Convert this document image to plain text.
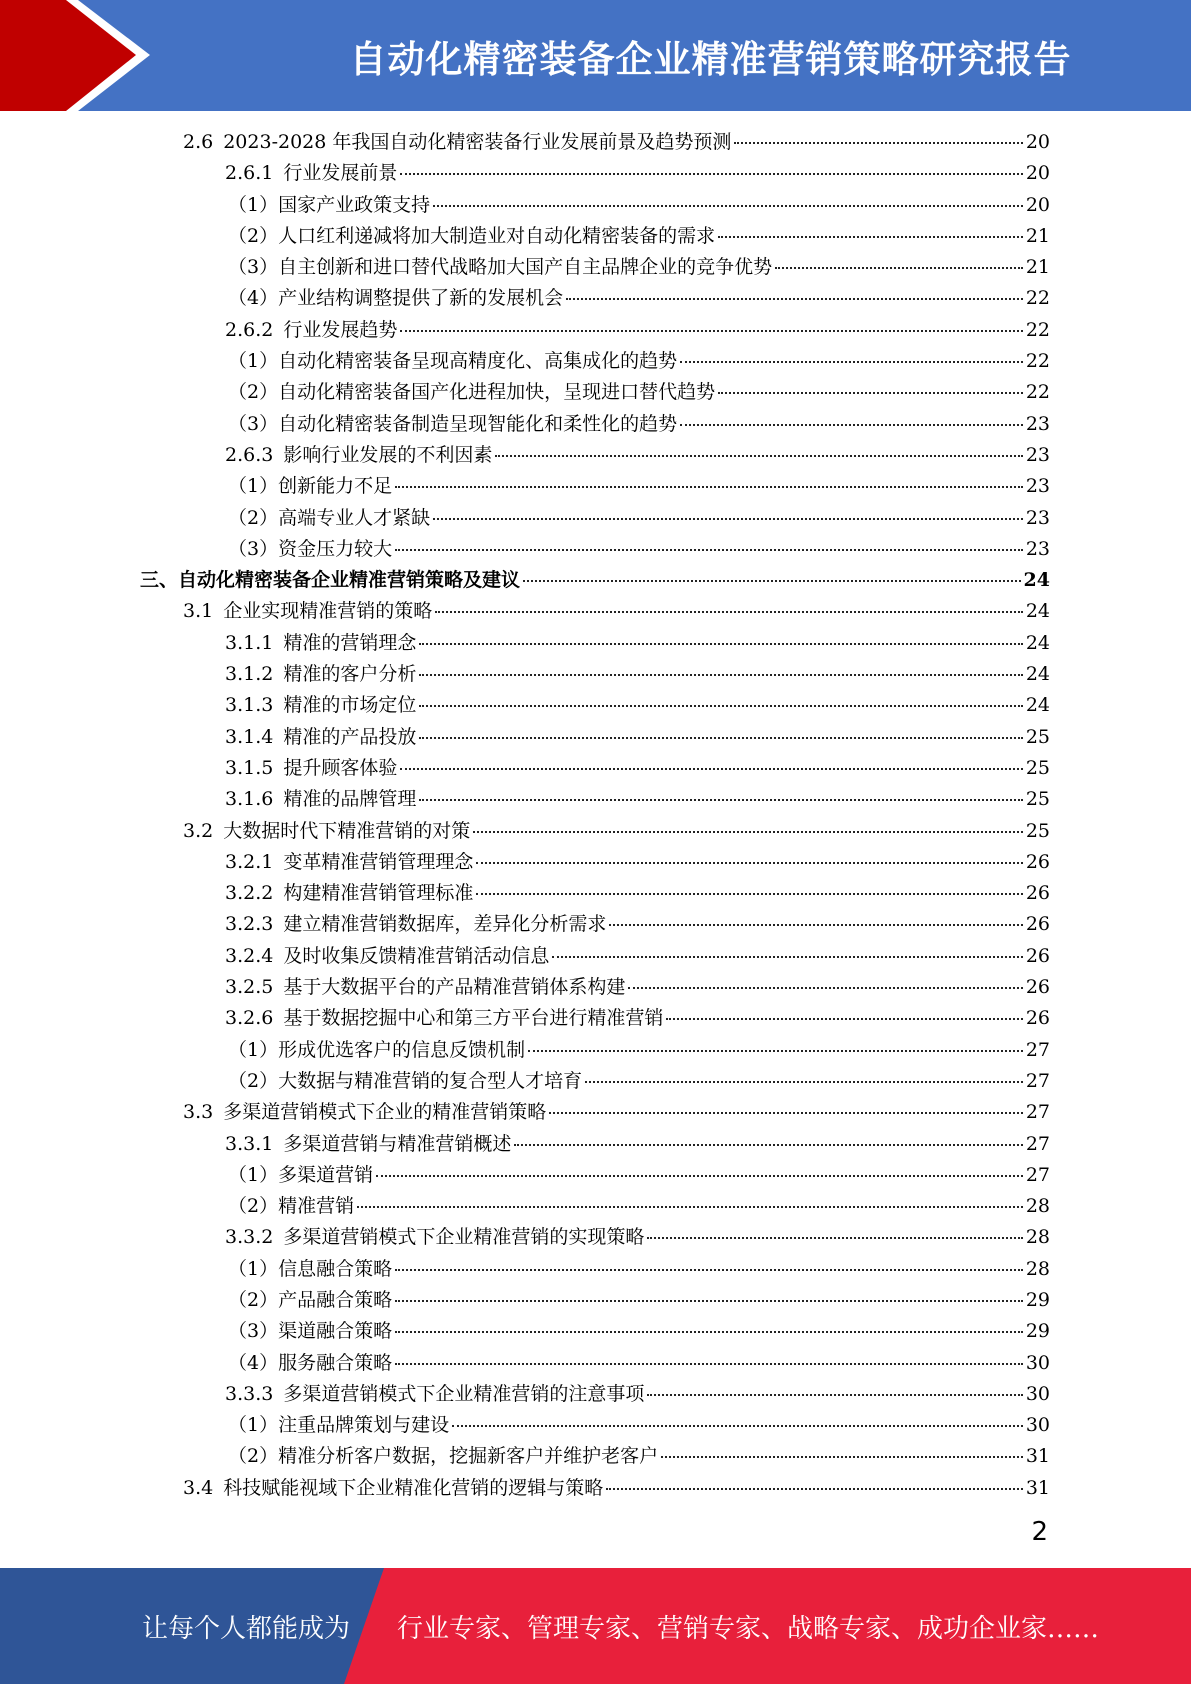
自动化精密装备企业精准营销策略研究报告
2.6 2023-2028 年我国自动化精密装备行业发展前景及趋势预测	20
2.6.1 行业发展前景	20
（1）国家产业政策支持	20
（2）人口红利递减将加大制造业对自动化精密装备的需求	21
（3）自主创新和进口替代战略加大国产自主品牌企业的竞争优势	21
（4）产业结构调整提供了新的发展机会	22
2.6.2 行业发展趋势	22
（1）自动化精密装备呈现高精度化、高集成化的趋势	22
（2）自动化精密装备国产化进程加快，呈现进口替代趋势	22
（3）自动化精密装备制造呈现智能化和柔性化的趋势	23
2.6.3 影响行业发展的不利因素	23
（1）创新能力不足	23
（2）高端专业人才紧缺	23
（3）资金压力较大	23
三、自动化精密装备企业精准营销策略及建议	24
3.1 企业实现精准营销的策略	24
3.1.1 精准的营销理念	24
3.1.2 精准的客户分析	24
3.1.3 精准的市场定位	24
3.1.4 精准的产品投放	25
3.1.5 提升顾客体验	25
3.1.6 精准的品牌管理	25
3.2 大数据时代下精准营销的对策	25
3.2.1 变革精准营销管理理念	26
3.2.2 构建精准营销管理标准	26
3.2.3 建立精准营销数据库，差异化分析需求	26
3.2.4 及时收集反馈精准营销活动信息	26
3.2.5 基于大数据平台的产品精准营销体系构建	26
3.2.6 基于数据挖掘中心和第三方平台进行精准营销	26
（1）形成优选客户的信息反馈机制	27
（2）大数据与精准营销的复合型人才培育	27
3.3 多渠道营销模式下企业的精准营销策略	27
3.3.1 多渠道营销与精准营销概述	27
（1）多渠道营销	27
（2）精准营销	28
3.3.2 多渠道营销模式下企业精准营销的实现策略	28
（1）信息融合策略	28
（2）产品融合策略	29
（3）渠道融合策略	29
（4）服务融合策略	30
3.3.3 多渠道营销模式下企业精准营销的注意事项	30
（1）注重品牌策划与建设	30
（2）精准分析客户数据，挖掘新客户并维护老客户	31
3.4 科技赋能视域下企业精准化营销的逻辑与策略	31
2
让每个人都能成为 行业专家、管理专家、营销专家、战略专家、成功企业家……
